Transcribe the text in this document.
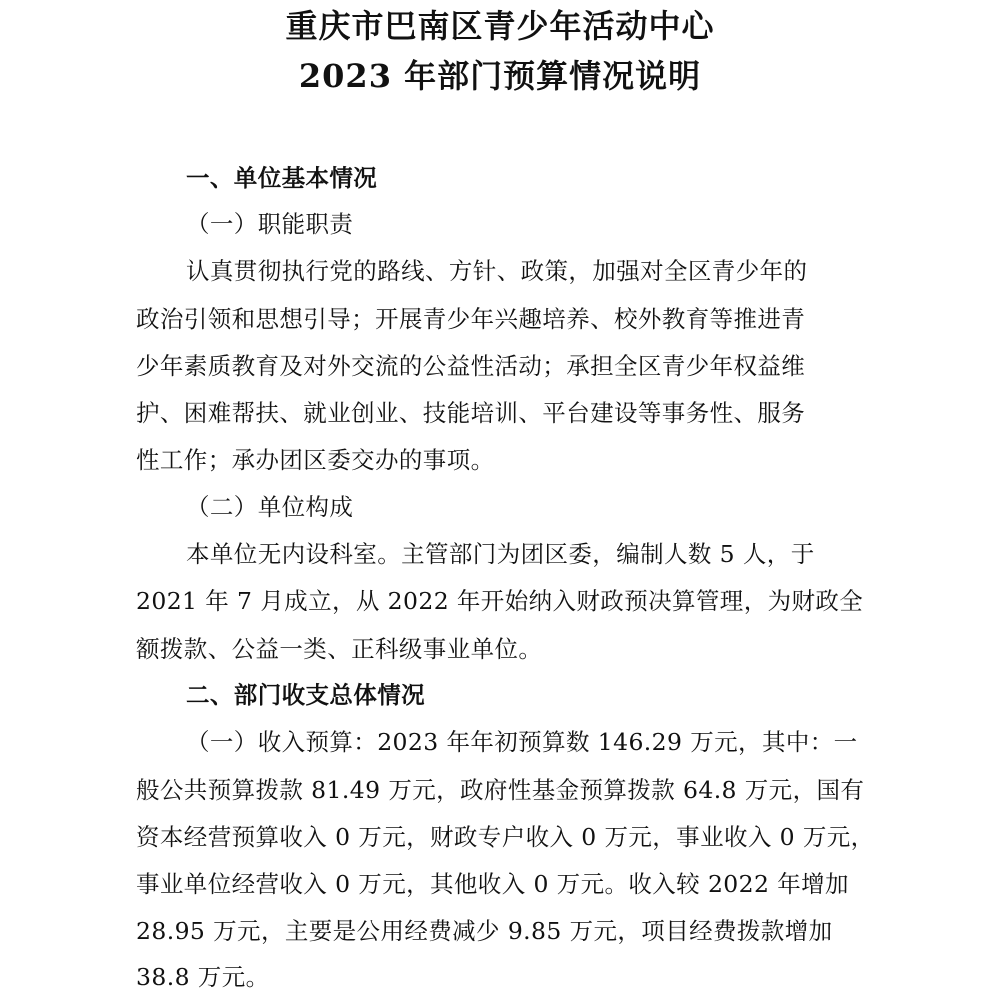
重庆市巴南区青少年活动中心
2023 年部门预算情况说明
一、单位基本情况
（一）职能职责
认真贯彻执行党的路线、方针、政策，加强对全区青少年的
政治引领和思想引导；开展青少年兴趣培养、校外教育等推进青
少年素质教育及对外交流的公益性活动；承担全区青少年权益维
护、困难帮扶、就业创业、技能培训、平台建设等事务性、服务
性工作；承办团区委交办的事项。
（二）单位构成
本单位无内设科室。主管部门为团区委，编制人数 5 人，于
2021 年 7 月成立，从 2022 年开始纳入财政预决算管理，为财政全
额拨款、公益一类、正科级事业单位。
二、部门收支总体情况
（一）收入预算：2023 年年初预算数 146.29 万元，其中：一
般公共预算拨款 81.49 万元，政府性基金预算拨款 64.8 万元，国有
资本经营预算收入 0 万元，财政专户收入 0 万元，事业收入 0 万元，
事业单位经营收入 0 万元，其他收入 0 万元。收入较 2022 年增加
28.95 万元，主要是公用经费减少 9.85 万元，项目经费拨款增加
38.8 万元。
